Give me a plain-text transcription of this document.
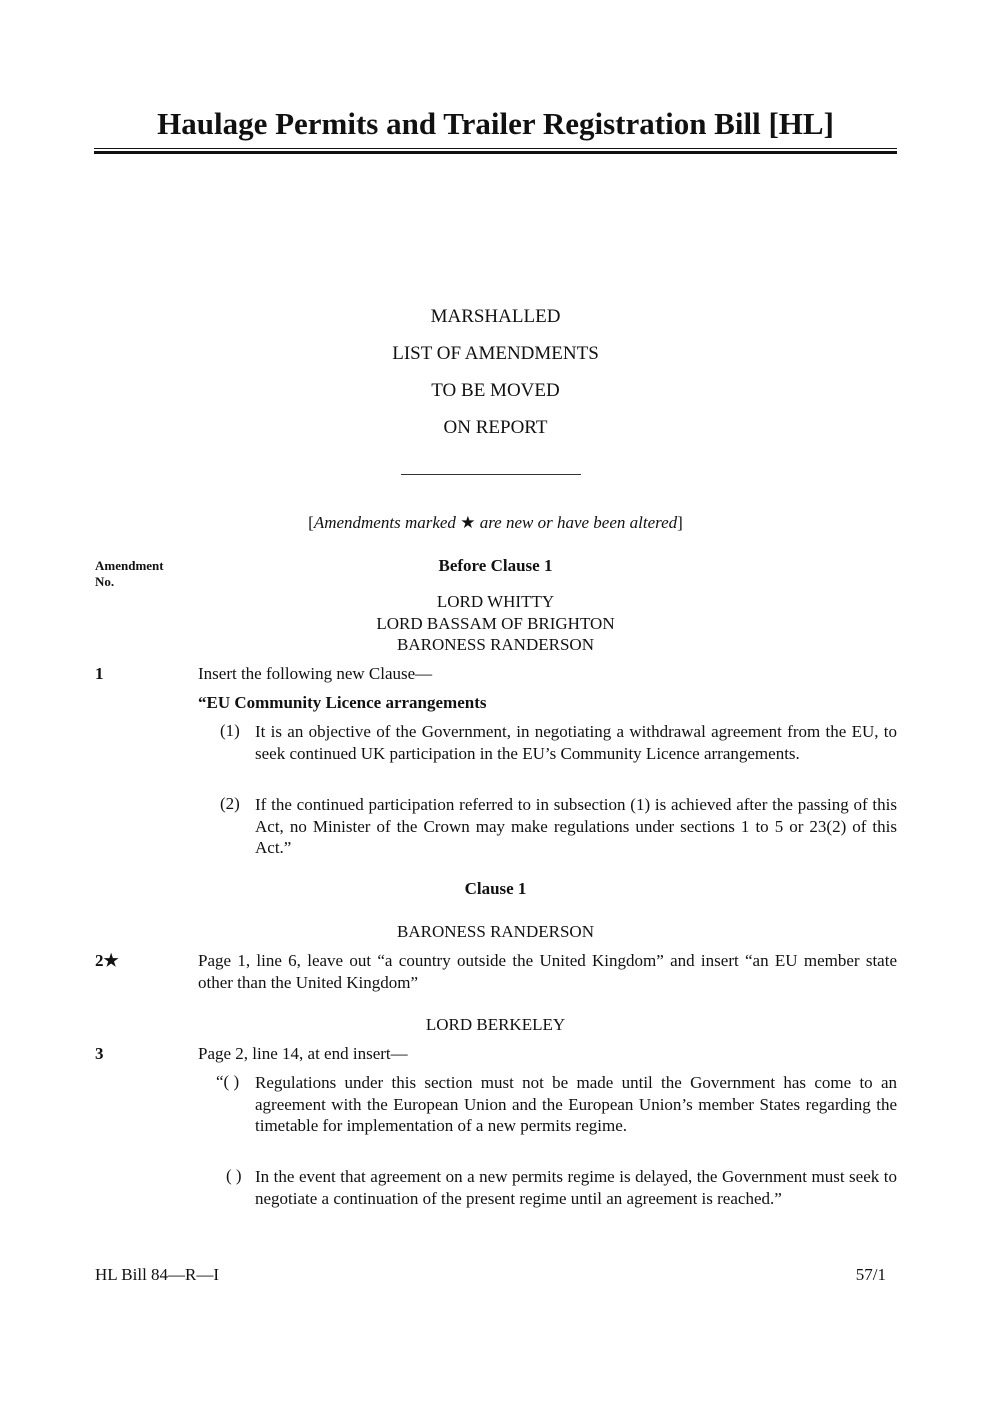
Haulage Permits and Trailer Registration Bill [HL]
MARSHALLED
LIST OF AMENDMENTS
TO BE MOVED
ON REPORT
[Amendments marked ★ are new or have been altered]
Amendment
No.
Before Clause 1
LORD WHITTY
LORD BASSAM OF BRIGHTON
BARONESS RANDERSON
1	Insert the following new Clause—
“EU Community Licence arrangements
(1) It is an objective of the Government, in negotiating a withdrawal agreement from the EU, to seek continued UK participation in the EU’s Community Licence arrangements.
(2) If the continued participation referred to in subsection (1) is achieved after the passing of this Act, no Minister of the Crown may make regulations under sections 1 to 5 or 23(2) of this Act.”
Clause 1
BARONESS RANDERSON
2★	Page 1, line 6, leave out “a country outside the United Kingdom” and insert “an EU member state other than the United Kingdom”
LORD BERKELEY
3	Page 2, line 14, at end insert—
“( ) Regulations under this section must not be made until the Government has come to an agreement with the European Union and the European Union’s member States regarding the timetable for implementation of a new permits regime.
( ) In the event that agreement on a new permits regime is delayed, the Government must seek to negotiate a continuation of the present regime until an agreement is reached.”
HL Bill 84—R—I	57/1
